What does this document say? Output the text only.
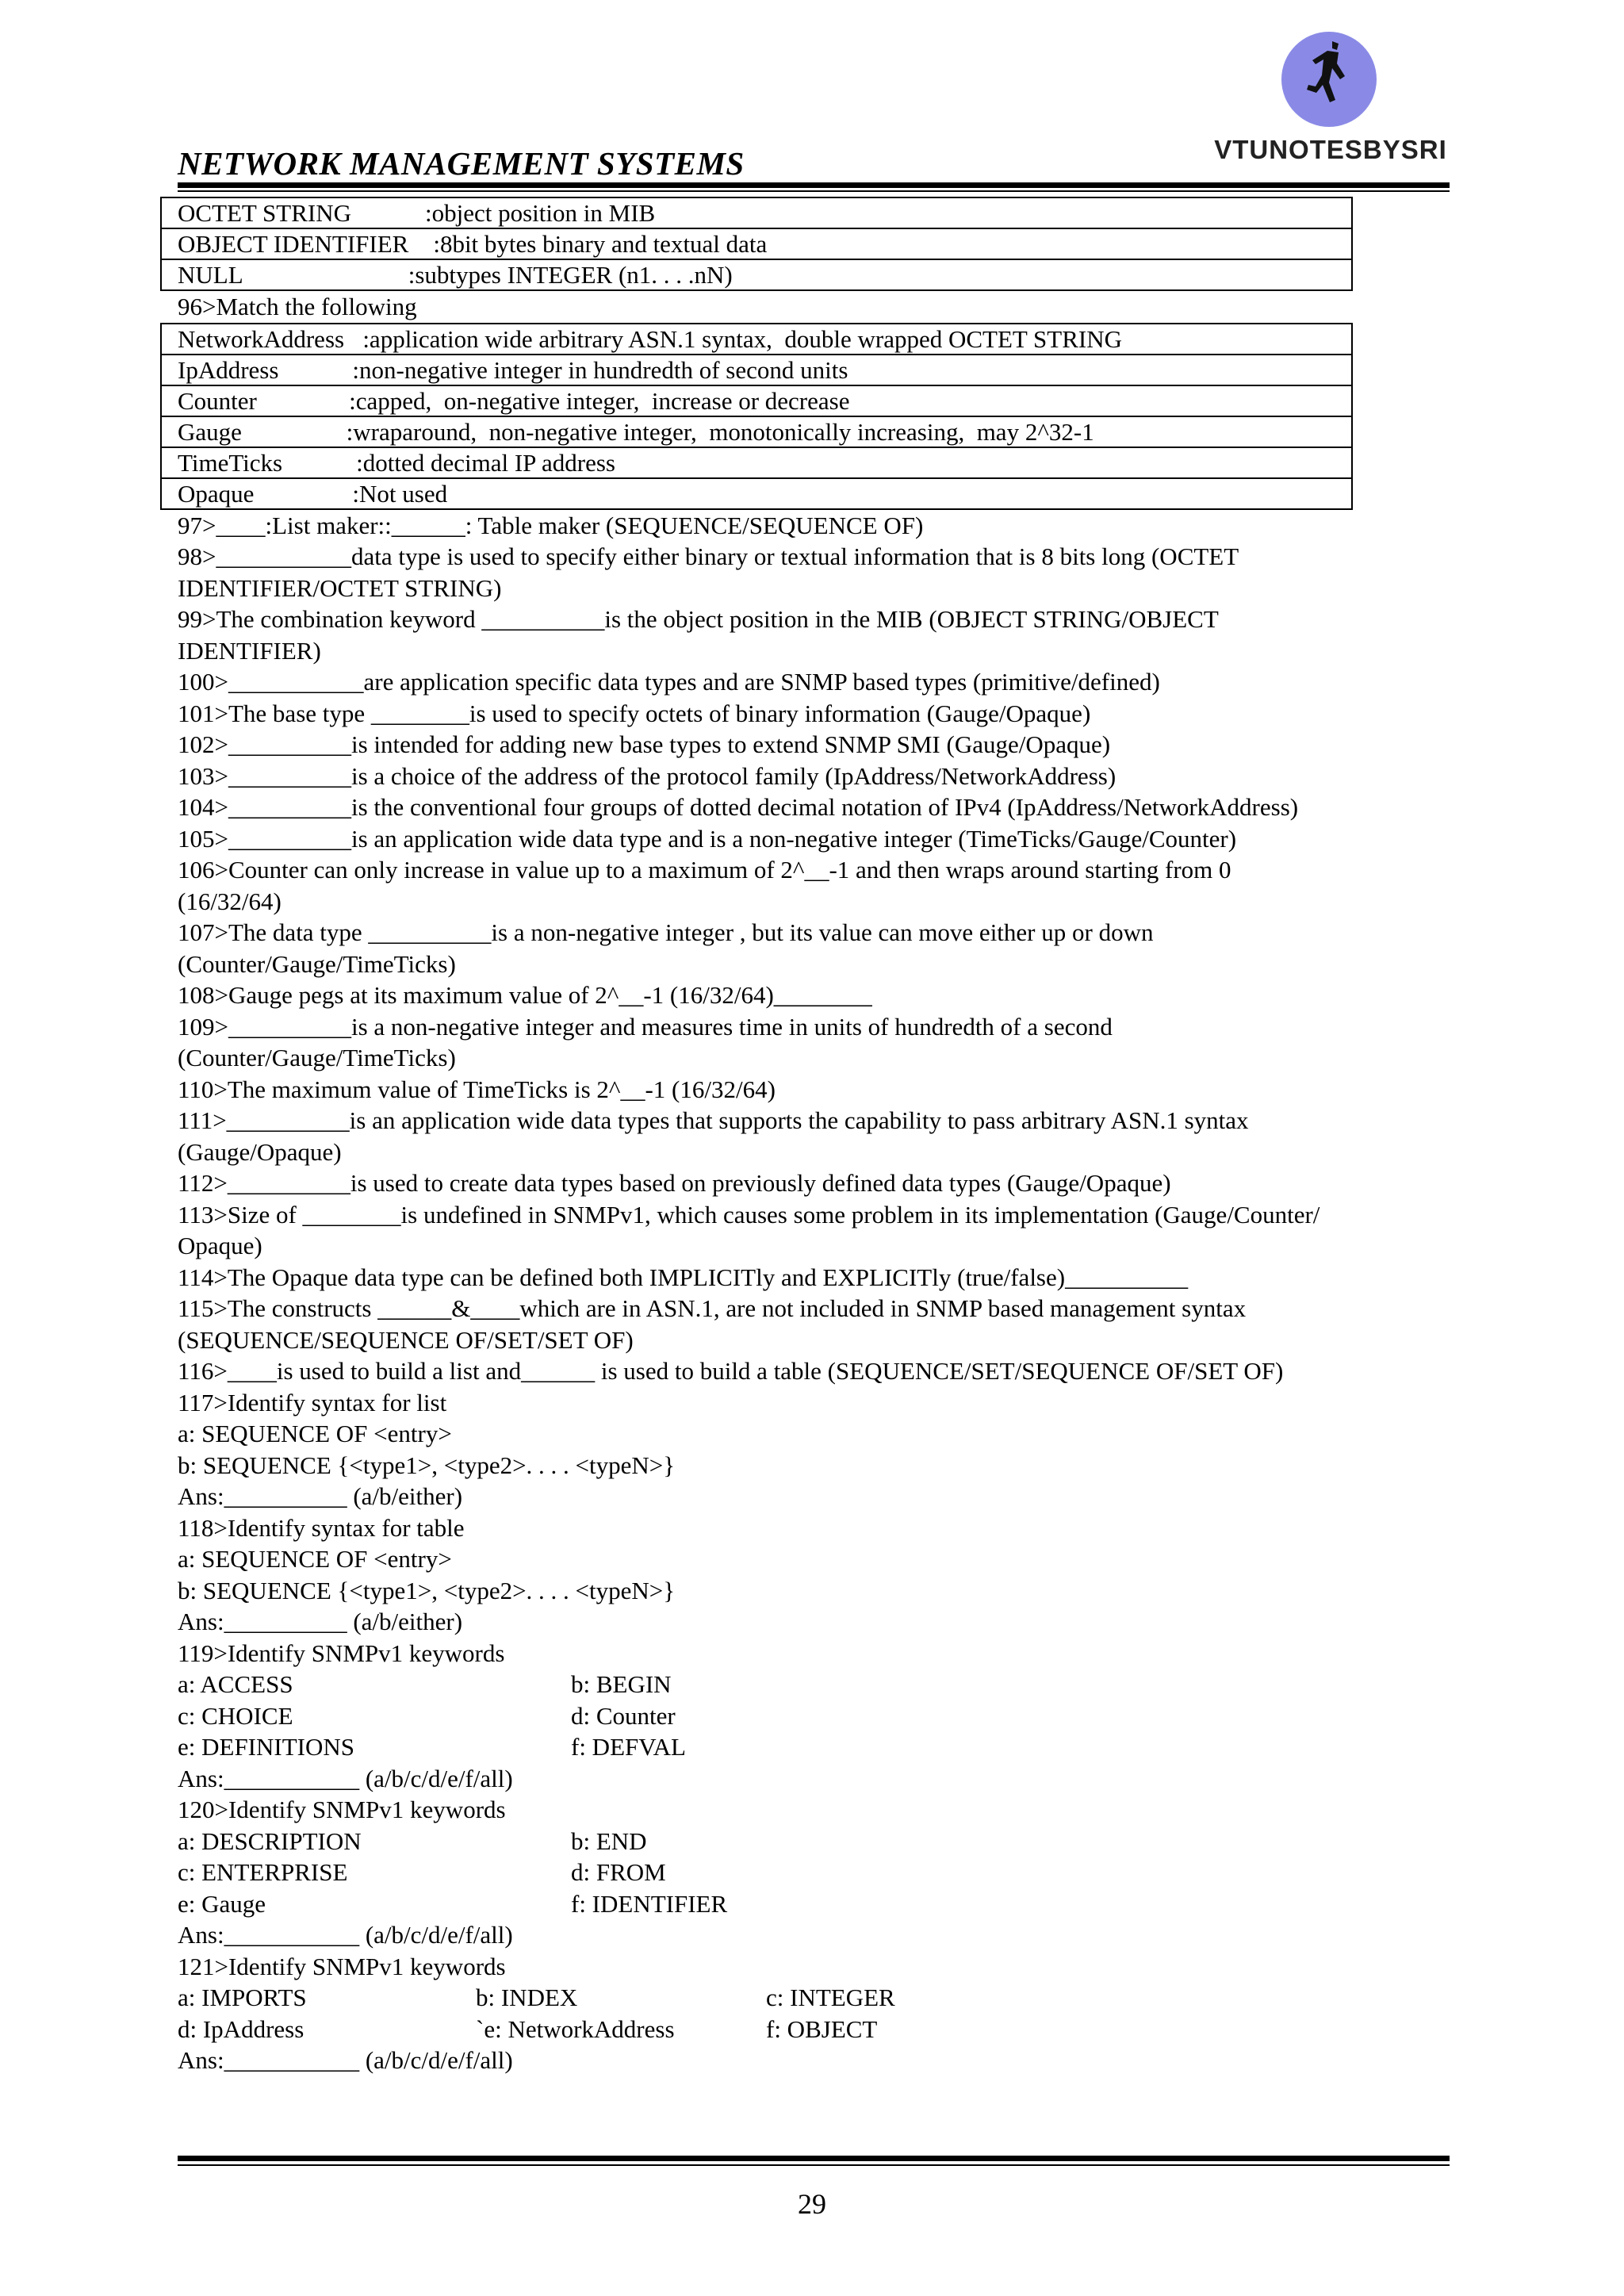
VTUNOTESBYSRI
NETWORK MANAGEMENT SYSTEMS
OCTET STRING            :object position in MIB
OBJECT IDENTIFIER    :8bit bytes binary and textual data
NULL                           :subtypes INTEGER (n1. . . .nN)
96>Match the following
NetworkAddress   :application wide arbitrary ASN.1 syntax,  double wrapped OCTET STRING
IpAddress            :non-negative integer in hundredth of second units
Counter               :capped,  on-negative integer,  increase or decrease
Gauge                 :wraparound,  non-negative integer,  monotonically increasing,  may 2^32-1
TimeTicks            :dotted decimal IP address
Opaque                :Not used
97>____:List maker::______: Table maker (SEQUENCE/SEQUENCE OF)
98>___________data type is used to specify either binary or textual information that is 8 bits long (OCTET
IDENTIFIER/OCTET STRING)
99>The combination keyword __________is the object position in the MIB (OBJECT STRING/OBJECT
IDENTIFIER)
100>___________are application specific data types and are SNMP based types (primitive/defined)
101>The base type ________is used to specify octets of binary information (Gauge/Opaque)
102>__________is intended for adding new base types to extend SNMP SMI (Gauge/Opaque)
103>__________is a choice of the address of the protocol family (IpAddress/NetworkAddress)
104>__________is the conventional four groups of dotted decimal notation of IPv4 (IpAddress/NetworkAddress)
105>__________is an application wide data type and is a non-negative integer (TimeTicks/Gauge/Counter)
106>Counter can only increase in value up to a maximum of 2^__-1 and then wraps around starting from 0
(16/32/64)
107>The data type __________is a non-negative integer , but its value can move either up or down
(Counter/Gauge/TimeTicks)
108>Gauge pegs at its maximum value of 2^__-1 (16/32/64)________
109>__________is a non-negative integer and measures time in units of hundredth of a second
(Counter/Gauge/TimeTicks)
110>The maximum value of TimeTicks is 2^__-1 (16/32/64)
111>__________is an application wide data types that supports the capability to pass arbitrary ASN.1 syntax
(Gauge/Opaque)
112>__________is used to create data types based on previously defined data types (Gauge/Opaque)
113>Size of ________is undefined in SNMPv1, which causes some problem in its implementation (Gauge/Counter/
Opaque)
114>The Opaque data type can be defined both IMPLICITly and EXPLICITly (true/false)__________
115>The constructs ______&____which are in ASN.1, are not included in SNMP based management syntax
(SEQUENCE/SEQUENCE OF/SET/SET OF)
116>____is used to build a list and______ is used to build a table (SEQUENCE/SET/SEQUENCE OF/SET OF)
117>Identify syntax for list
a: SEQUENCE OF <entry>
b: SEQUENCE {<type1>, <type2>. . . . <typeN>}
Ans:__________ (a/b/either)
118>Identify syntax for table
a: SEQUENCE OF <entry>
b: SEQUENCE {<type1>, <type2>. . . . <typeN>}
Ans:__________ (a/b/either)
119>Identify SNMPv1 keywords
a: ACCESS	b: BEGIN
c: CHOICE	d: Counter
e: DEFINITIONS	f: DEFVAL
Ans:___________ (a/b/c/d/e/f/all)
120>Identify SNMPv1 keywords
a: DESCRIPTION	b: END
c: ENTERPRISE	d: FROM
e: Gauge	f: IDENTIFIER
Ans:___________ (a/b/c/d/e/f/all)
121>Identify SNMPv1 keywords
a: IMPORTS	b: INDEX	c: INTEGER
d: IpAddress	`e: NetworkAddress	f: OBJECT
Ans:___________ (a/b/c/d/e/f/all)
29
